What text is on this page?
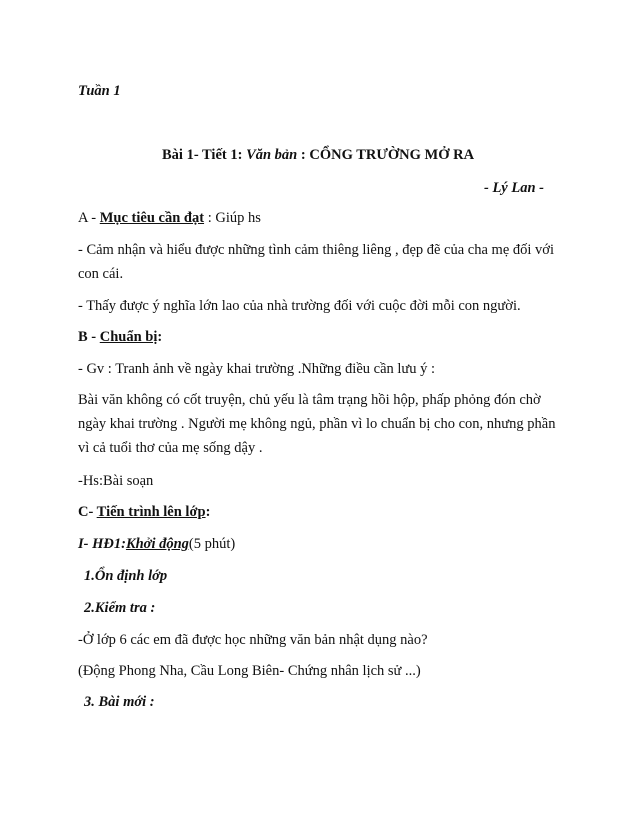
Tuần 1
Bài 1- Tiết 1: Văn bản : CỔNG TRƯỜNG MỞ RA
- Lý Lan -
A - Mục tiêu cần đạt : Giúp hs
- Cảm nhận và hiểu được những tình cảm thiêng liêng , đẹp đẽ của cha mẹ đối với
con cái.
- Thấy được ý nghĩa lớn lao của nhà trường đối với cuộc đời mỗi con người.
B - Chuẩn bị:
- Gv : Tranh ảnh về ngày khai trường .Những điều cần lưu ý :
Bài văn không có cốt truyện, chủ yếu là tâm trạng hồi hộp, phấp phỏng đón chờ
ngày khai trường . Người mẹ không ngủ, phần vì lo chuẩn bị cho con, nhưng phần
vì cả tuổi thơ của mẹ sống dậy .
-Hs:Bài soạn
C- Tiến trình lên lớp:
I- HĐ1:Khởi động(5 phút)
1.Ổn định lớp
2.Kiểm tra :
-Ở lớp 6 các em đã được học những văn bản nhật dụng nào?
(Động Phong Nha, Cầu Long Biên- Chứng nhân lịch sử ...)
3. Bài mới :
